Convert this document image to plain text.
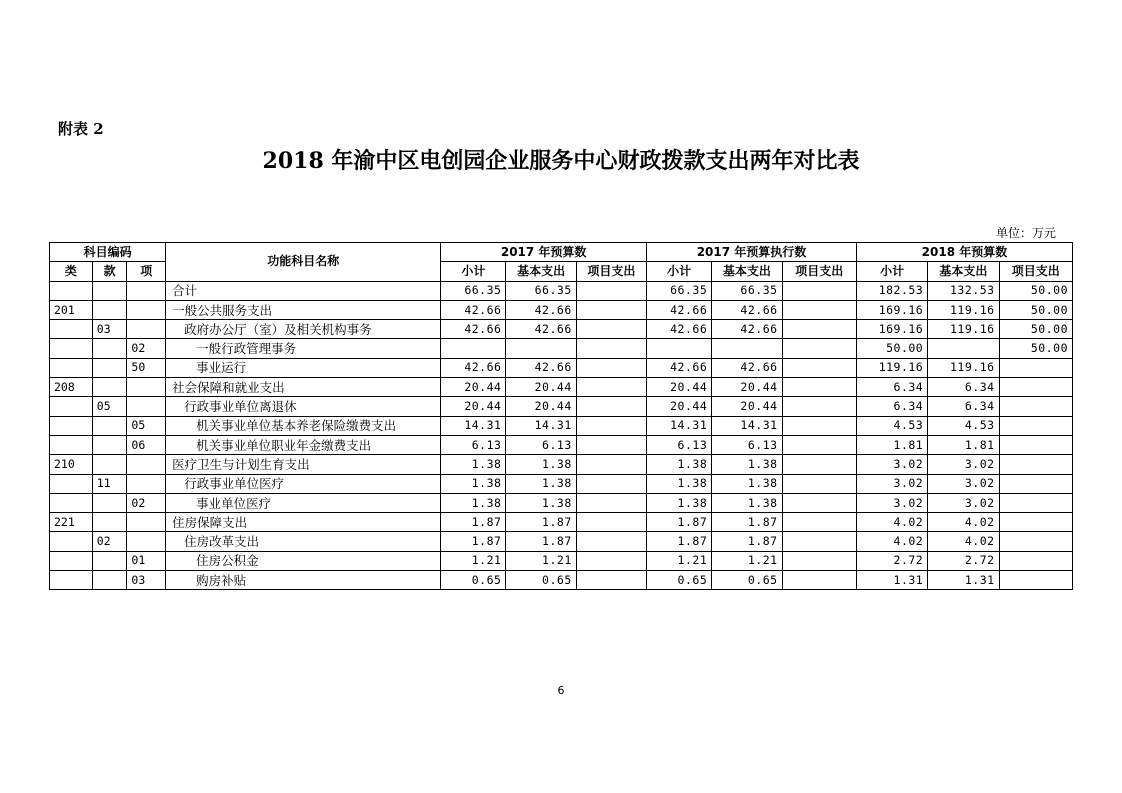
附表 2
2018 年渝中区电创园企业服务中心财政拨款支出两年对比表
单位：万元
科目编码			功能科目名称	2017 年预算数			2017 年预算执行数			2018 年预算数		
类	款	项		小计	基本支出	项目支出	小计	基本支出	项目支出	小计	基本支出	项目支出
			合计	66.35	66.35		66.35	66.35		182.53	132.53	50.00
201			一般公共服务支出	42.66	42.66		42.66	42.66		169.16	119.16	50.00
	03		政府办公厅（室）及相关机构事务	42.66	42.66		42.66	42.66		169.16	119.16	50.00
		02	一般行政管理事务							50.00		50.00
		50	事业运行	42.66	42.66		42.66	42.66		119.16	119.16	
208			社会保障和就业支出	20.44	20.44		20.44	20.44		6.34	6.34	
	05		行政事业单位离退休	20.44	20.44		20.44	20.44		6.34	6.34	
		05	机关事业单位基本养老保险缴费支出	14.31	14.31		14.31	14.31		4.53	4.53	
		06	机关事业单位职业年金缴费支出	6.13	6.13		6.13	6.13		1.81	1.81	
210			医疗卫生与计划生育支出	1.38	1.38		1.38	1.38		3.02	3.02	
	11		行政事业单位医疗	1.38	1.38		1.38	1.38		3.02	3.02	
		02	事业单位医疗	1.38	1.38		1.38	1.38		3.02	3.02	
221			住房保障支出	1.87	1.87		1.87	1.87		4.02	4.02	
	02		住房改革支出	1.87	1.87		1.87	1.87		4.02	4.02	
		01	住房公积金	1.21	1.21		1.21	1.21		2.72	2.72	
		03	购房补贴	0.65	0.65		0.65	0.65		1.31	1.31	
6
